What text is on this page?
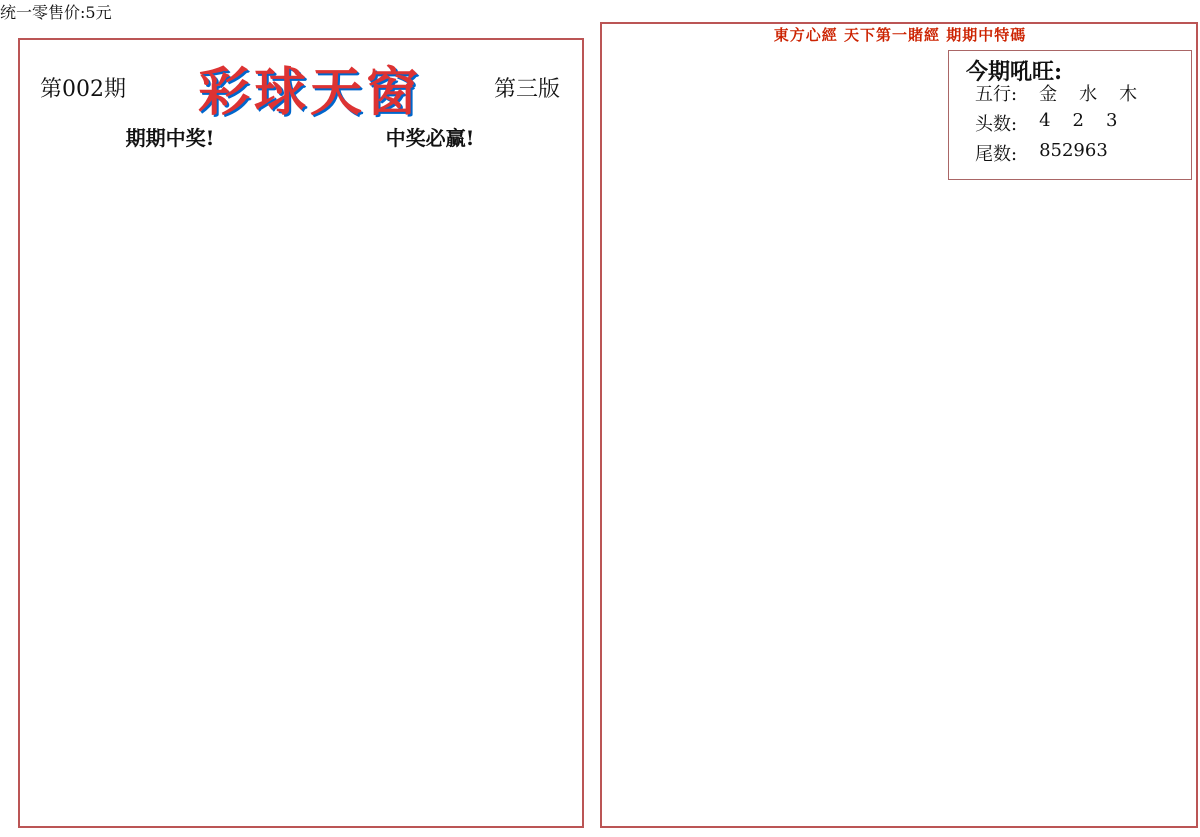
统一零售价:5元
第002期 彩球天窗	第三版
期期中奖!	中奖必赢!
東方心經 天下第一賭經 期期中特碼
今期吼旺:
五行: 金 水 木
头数: 4 2 3
尾数: 852963
